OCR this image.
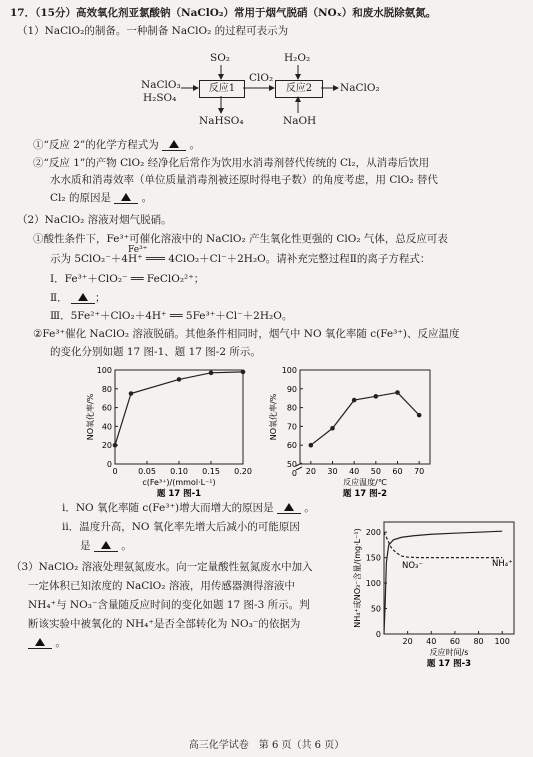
17．（15分）高效氧化剂亚氯酸钠（NaClO₂）常用于烟气脱硝（NOₓ）和废水脱除氨氮。
（1）NaClO₂的制备。一种制备 NaClO₂ 的过程可表示为
SO₂
NaClO₃
H₂SO₄
反应1
ClO₂
反应2
H₂O₂
NaClO₂
NaHSO₄	NaOH
①“反应 2”的化学方程式为	。
②“反应 1”的产物 ClO₂ 经净化后常作为饮用水消毒剂替代传统的 Cl₂，从消毒后饮用
水水质和消毒效率（单位质量消毒剂被还原时得电子数）的角度考虑，用 ClO₂ 替代
Cl₂ 的原因是	。
（2）NaClO₂ 溶液对烟气脱硝。
①酸性条件下，Fe³⁺可催化溶液中的 NaClO₂ 产生氧化性更强的 ClO₂ 气体，总反应可表
Fe³⁺
示为 5ClO₂⁻＋4H⁺ ═══ 4ClO₂＋Cl⁻＋2H₂O。请补充完整过程Ⅱ的离子方程式：
Ⅰ．Fe³⁺＋ClO₂⁻ ══ FeClO₂²⁺；
Ⅱ．	；
Ⅲ．5Fe²⁺＋ClO₂＋4H⁺ ══ 5Fe³⁺＋Cl⁻＋2H₂O。
②Fe³⁺催化 NaClO₂ 溶液脱硝。其他条件相同时，烟气中 NO 氧化率随 c(Fe³⁺)、反应温度
的变化分别如题 17 图-1、题 17 图-2 所示。
0
20
40
60
80
100
0	0.05 0.10 0.15 0.20
NO氧化率/%
c(Fe³⁺)/(mmol·L⁻¹)
题 17 图-1
50
60
70
80
90
100
20 30 40 50 60 70
NO氧化率/%
反应温度/℃
题 17 图-2
0
ⅰ．NO 氧化率随 c(Fe³⁺)增大而增大的原因是	。
ⅱ．温度升高，NO 氧化率先增大后减小的可能原因
是	。
（3）NaClO₂ 溶液处理氨氮废水。向一定量酸性氨氮废水中加入
一定体积已知浓度的 NaClO₂ 溶液，用传感器测得溶液中
NH₄⁺与 NO₃⁻含量随反应时间的变化如题 17 图-3 所示。判
断该实验中被氧化的 NH₄⁺是否全部转化为 NO₃⁻的依据为
。
0
50
100
150
200
20 40 60 80 100
NH₄⁺或NO₃⁻含量/(mg·L⁻¹)
反应时间/s
题 17 图-3
NO₃⁻	NH₄⁺
高三化学试卷　第 6 页（共 6 页）
